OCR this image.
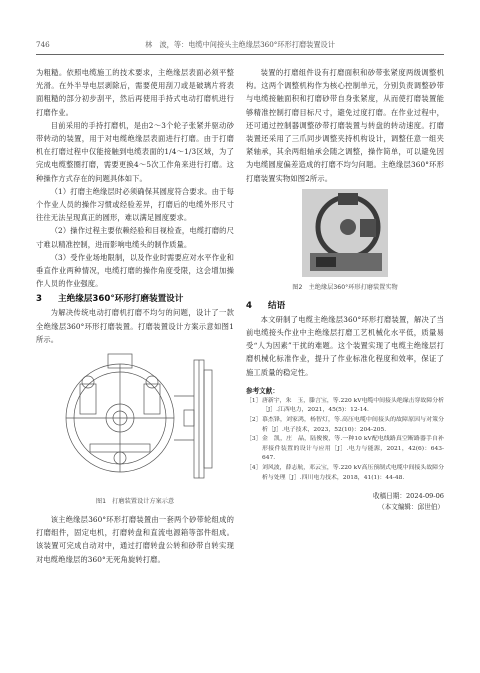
746	林　波，等：电缆中间接头主绝缘层360°环形打磨装置设计

为粗糙。依照电缆施工的技术要求，主绝缘层表面必须平整光滑。在外半导电层剥除后，需要使用刮刀或是破璃片将表面粗糙的部分初步刮平，然后再使用手持式电动打磨机进行打磨作业。

目前采用的手持打磨机，是由2～3个轮子张紧并驱动砂带转动的装置，用于对电缆绝缘层表面进行打磨。由于打磨机在打磨过程中仅能接触到电缆表面的1/4～1/3区域，为了完成电缆整圈打磨，需要更换4～5次工作角来进行打磨。这种操作方式存在的问题具体如下。

（1）打磨主绝缘层时必须确保其圆度符合要求。由于每个作业人员的操作习惯或经验差异，打磨后的电缆外形尺寸往往无法呈现真正的圆形，难以满足圆度要求。

（2）操作过程主要依赖经验和目视检查，电缆打磨的尺寸难以精准控制，进而影响电缆头的制作质量。

（3）受作业场地限制，以及作业时需要应对水平作业和垂直作业两种情况，电缆打磨的操作角度受限，这会增加操作人员的作业强度。

3 主绝缘层360°环形打磨装置设计

为解决传统电动打磨机打磨不均匀的问题，设计了一款全绝缘层360°环形打磨装置。打磨装置设计方案示意如图1所示。

图1　打磨装置设计方案示意

该主绝缘层360°环形打磨装置由一套两个砂带轮组成的打磨组件，固定电机，打磨转盘和直流电源箱等部件组成。该装置可完成自动对中，通过打磨转盘公转和砂带自转实现对电缆绝缘层的360°无死角旋转打磨。

装置的打磨组件设有打磨面积和砂带张紧度两级调整机构。这两个调整机构作为核心控制单元，分别负责调整砂带与电缆接触面积和打磨砂带自身张紧度，从而使打磨装置能够精准控制打磨目标尺寸，避免过度打磨。在作业过程中，还可通过控制器调整砂带打磨装置与转盘的转动速度。打磨装置还采用了三爪同步调整夹持机构设计，调整任意一组夹紧轴承，其余两组轴承会随之调整，操作简单，可以避免因为电缆圆度偏差造成的打磨不均匀问题。主绝缘层360°环形打磨装置实物如图2所示。

图2　主绝缘层360°环形打磨装置实物
4 结语

本文研制了电缆主绝缘层360°环形打磨装置，解决了当前电缆接头作业中主绝缘层打磨工艺机械化水平低，质量易受“人为因素”干扰的难题。这个装置实现了电缆主绝缘层打磨机械化标准作业，提升了作业标准化程度和效率，保证了施工质量的稳定性。

参考文献：
［1］ 唐新宇，朱　玉，滕言宝，等.220 kV电缆中间接头绝缘击穿故障分析［J］.江西电力，2021，45(5)：12-14.
［2］ 慕杰锋，刘家鸿，杨智灯，等.高压电缆中间接头的故障原因与对策分析［J］.电子技术，2023，52(10)：204-205.
［3］ 金　凯，庄　晶，陆俊俊，等.一种10 kV配电线路真空断路器手自补形接件装置的设计与应用［J］.电力与能源，2021，42(6)：643-647.
［4］ 刘风波，薛志航，邓云宝，等.220 kV高压预制式电缆中间接头故障分析与处理［J］.四川电力技术，2018，41(1)：44-48.
收稿日期：2024-09-06
（本文编辑：邱世伯）
